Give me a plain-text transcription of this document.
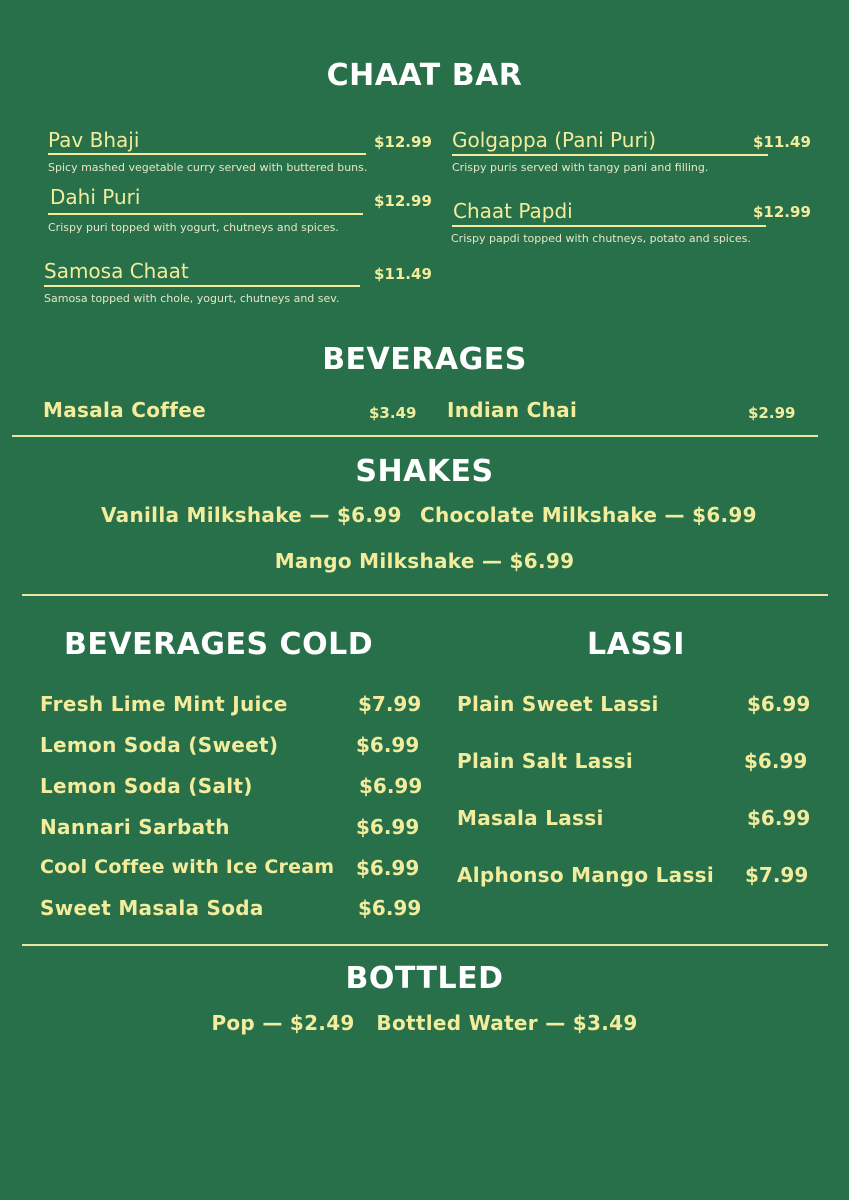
CHAAT BAR
Pav Bhaji	$12.99
Spicy mashed vegetable curry served with buttered buns.
Dahi Puri	$12.99
Crispy puri topped with yogurt, chutneys and spices.
Samosa Chaat	$11.49
Samosa topped with chole, yogurt, chutneys and sev.
Golgappa (Pani Puri)	$11.49
Crispy puris served with tangy pani and filling.
Chaat Papdi	$12.99
Crispy papdi topped with chutneys, potato and spices.
BEVERAGES
Masala Coffee	$3.49 Indian Chai	$2.99
SHAKES
Vanilla Milkshake — $6.99 Chocolate Milkshake — $6.99
Mango Milkshake — $6.99
BEVERAGES COLD
Fresh Lime Mint Juice	$7.99
Lemon Soda (Sweet)	$6.99
Lemon Soda (Salt)	$6.99
Nannari Sarbath	$6.99
Cool Coffee with Ice Cream $6.99
Sweet Masala Soda	$6.99
LASSI
Plain Sweet Lassi	$6.99
Plain Salt Lassi	$6.99
Masala Lassi	$6.99
Alphonso Mango Lassi $7.99
BOTTLED
Pop — $2.49   Bottled Water — $3.49
